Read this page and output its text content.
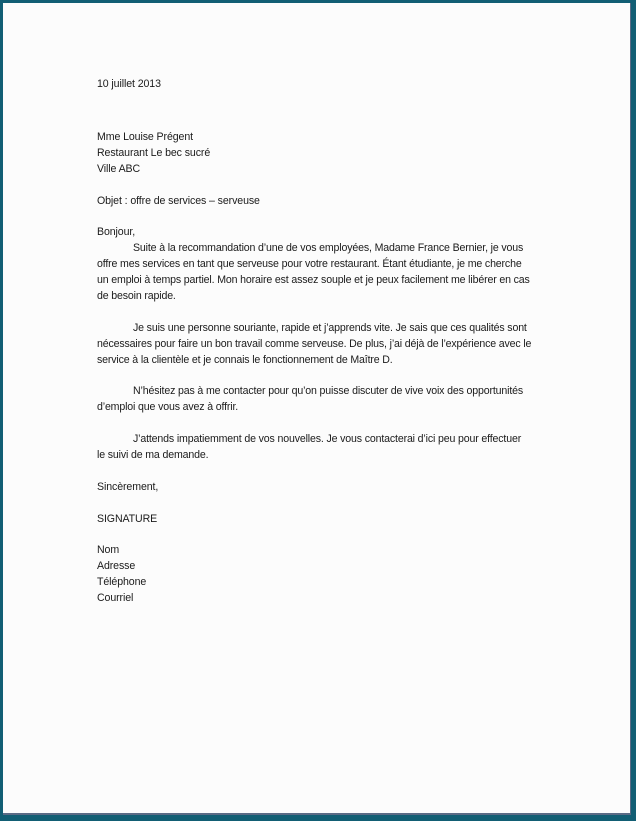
10 juillet 2013
Mme Louise Prégent
Restaurant Le bec sucré
Ville ABC
Objet : offre de services – serveuse
Bonjour,
Suite à la recommandation d’une de vos employées, Madame France Bernier, je vous
offre mes services en tant que serveuse pour votre restaurant. Étant étudiante, je me cherche
un emploi à temps partiel. Mon horaire est assez souple et je peux facilement me libérer en cas
de besoin rapide.
Je suis une personne souriante, rapide et j’apprends vite. Je sais que ces qualités sont
nécessaires pour faire un bon travail comme serveuse. De plus, j’ai déjà de l’expérience avec le
service à la clientèle et je connais le fonctionnement de Maître D.
N’hésitez pas à me contacter pour qu’on puisse discuter de vive voix des opportunités
d’emploi que vous avez à offrir.
J’attends impatiemment de vos nouvelles. Je vous contacterai d’ici peu pour effectuer
le suivi de ma demande.
Sincèrement,
SIGNATURE
Nom
Adresse
Téléphone
Courriel
